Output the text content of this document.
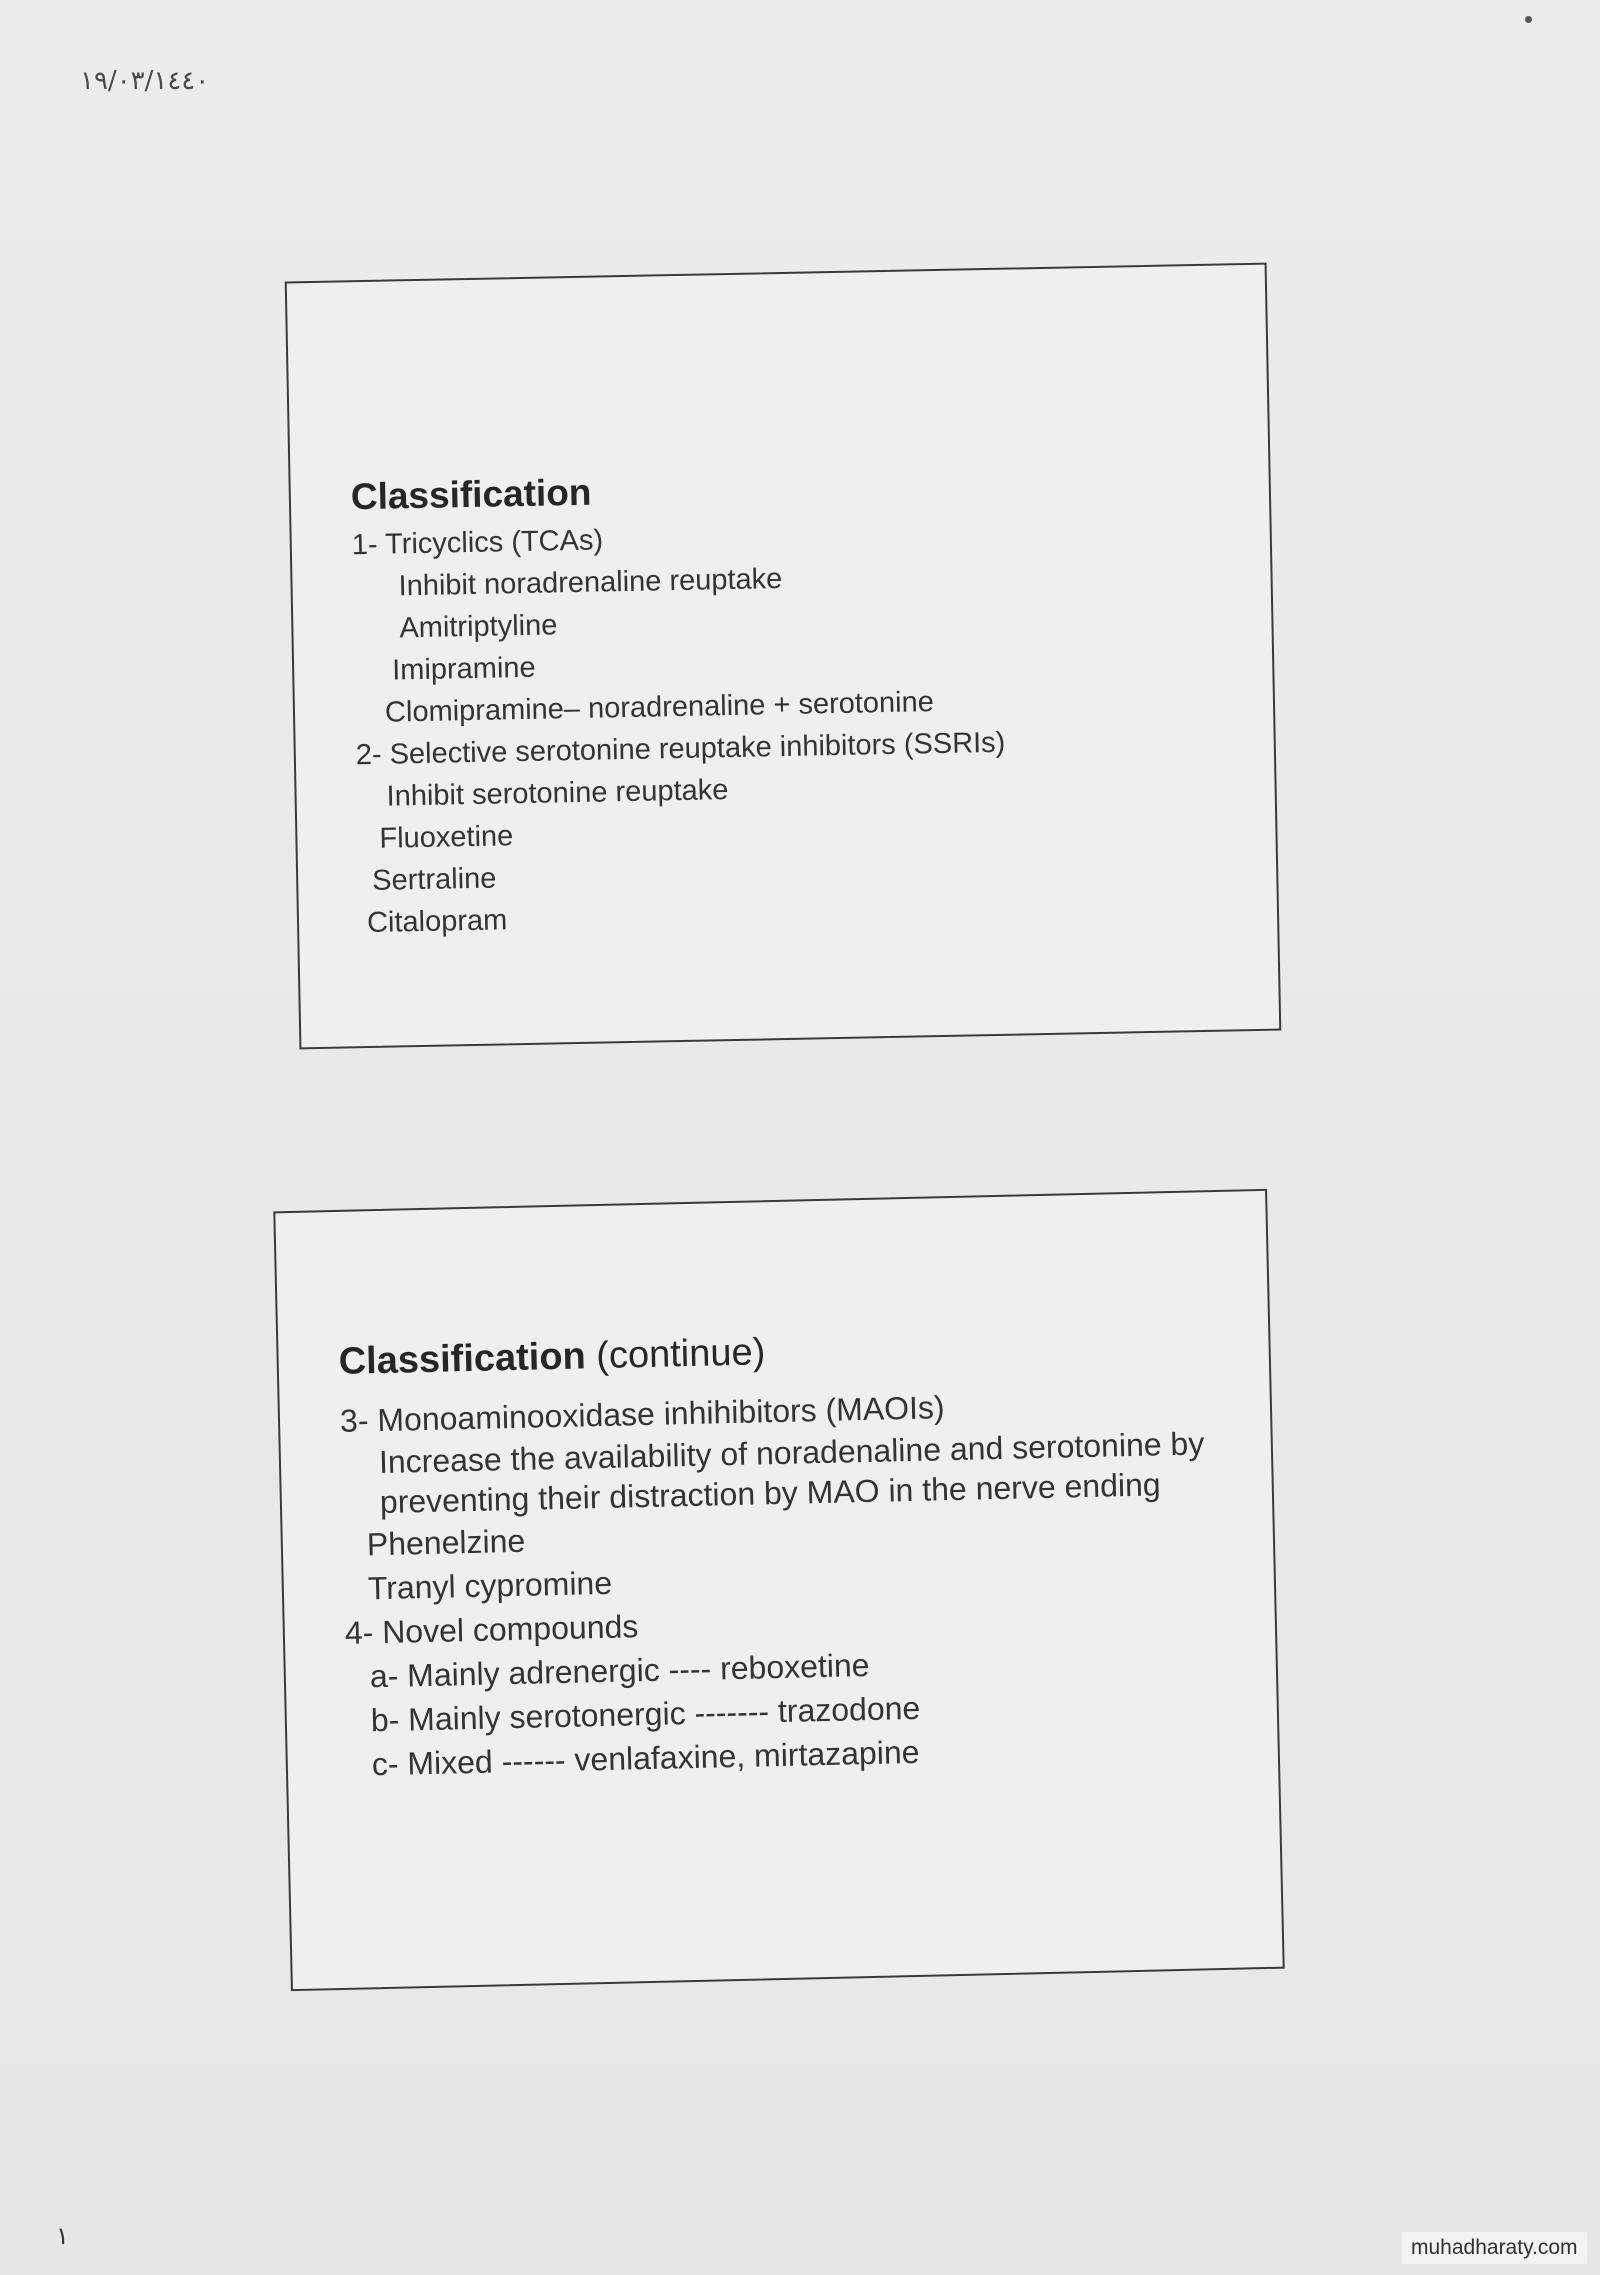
١٩/٠٣/١٤٤٠
Classification
1- Tricyclics (TCAs)
Inhibit noradrenaline reuptake
Amitriptyline
Imipramine
Clomipramine– noradrenaline + serotonine
2- Selective serotonine reuptake inhibitors (SSRIs)
Inhibit serotonine reuptake
Fluoxetine
Sertraline
Citalopram
Classification (continue)
3- Monoaminooxidase inhihibitors (MAOIs)
Increase the availability of noradenaline and serotonine by preventing their distraction by MAO in the nerve ending
Phenelzine
Tranyl cypromine
4- Novel compounds
a- Mainly adrenergic ---- reboxetine
b- Mainly serotonergic ------- trazodone
c- Mixed ------ venlafaxine, mirtazapine
١	muhadharaty.com
